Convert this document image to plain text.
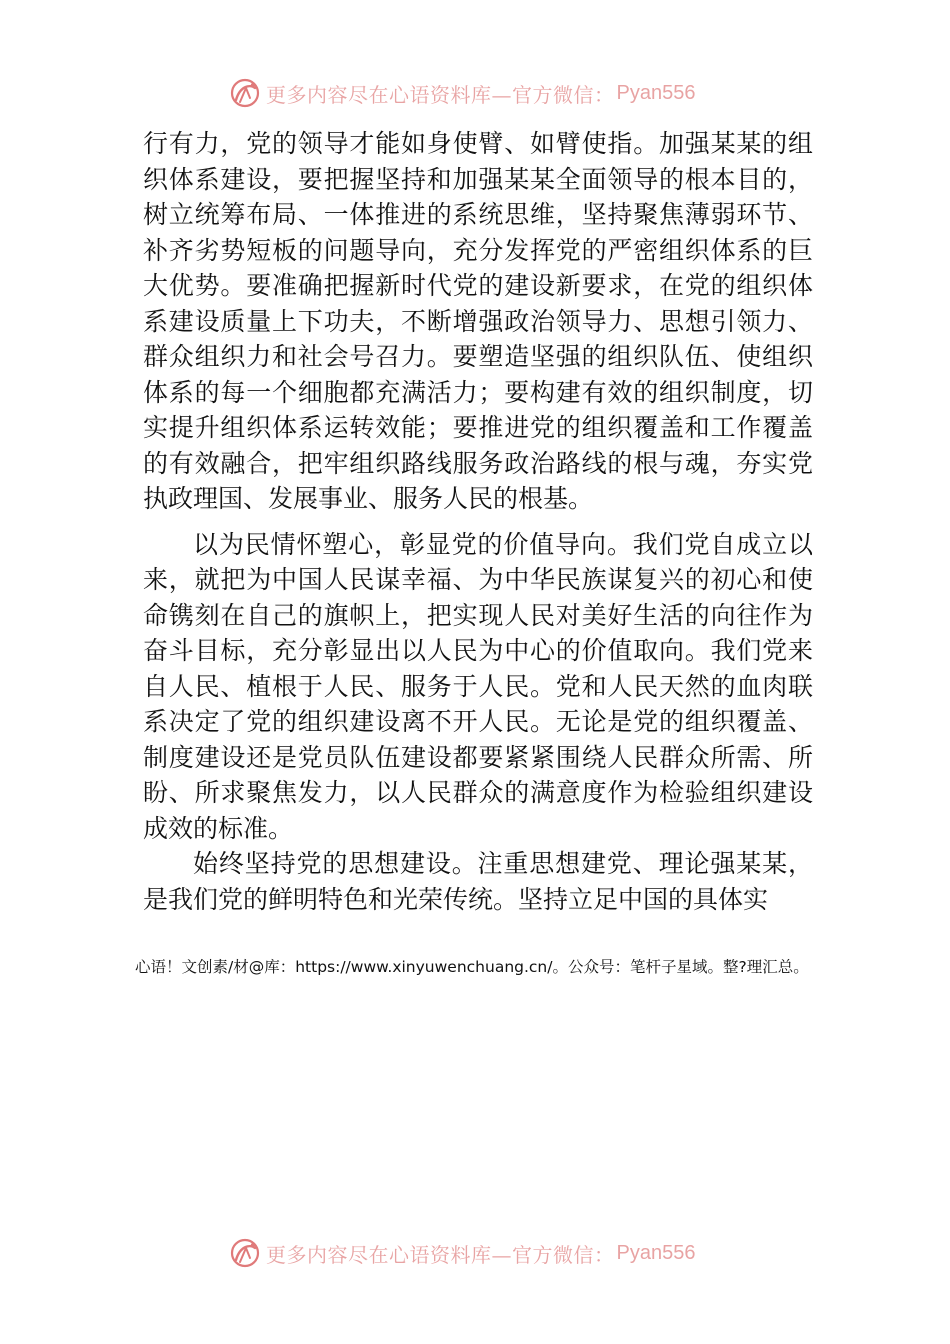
更多内容尽在心语资料库—官方微信： Pyan556

行有力，党的领导才能如身使臂、如臂使指。加强某某的组织体系建设，要把握坚持和加强某某全面领导的根本目的， 树立统筹布局、一体推进的系统思维，坚持聚焦薄弱环节、补齐劣势短板的问题导向，充分发挥党的严密组织体系的巨大优势。要准确把握新时代党的建设新要求，在党的组织体系建设质量上下功夫，不断增强政治领导力、思想引领力、群众组织力和社会号召力。要塑造坚强的组织队伍、使组织体系的每一个细胞都充满活力；要构建有效的组织制度，切实提升组织体系运转效能；要推进党的组织覆盖和工作覆盖的有效融合，把牢组织路线服务政治路线的根与魂，夯实党执政理国、发展事业、服务人民的根基。

以为民情怀塑心，彰显党的价值导向。我们党自成立以来，就把为中国人民谋幸福、为中华民族谋复兴的初心和使命镌刻在自己的旗帜上，把实现人民对美好生活的向往作为奋斗目标，充分彰显出以人民为中心的价值取向。我们党来自人民、植根于人民、服务于人民。党和人民天然的血肉联系决定了党的组织建设离不开人民。无论是党的组织覆盖、制度建设还是党员队伍建设都要紧紧围绕人民群众所需、所盼、所求聚焦发力，以人民群众的满意度作为检验组织建设成效的标准。

始终坚持党的思想建设。注重思想建党、理论强某某，是我们党的鲜明特色和光荣传统。坚持立足中国的具体实

心语！文创素/材@库：https://www.xinyuwenchuang.cn/。公众号：笔杆子星域。整?理汇总。
更多内容尽在心语资料库—官方微信： Pyan556
